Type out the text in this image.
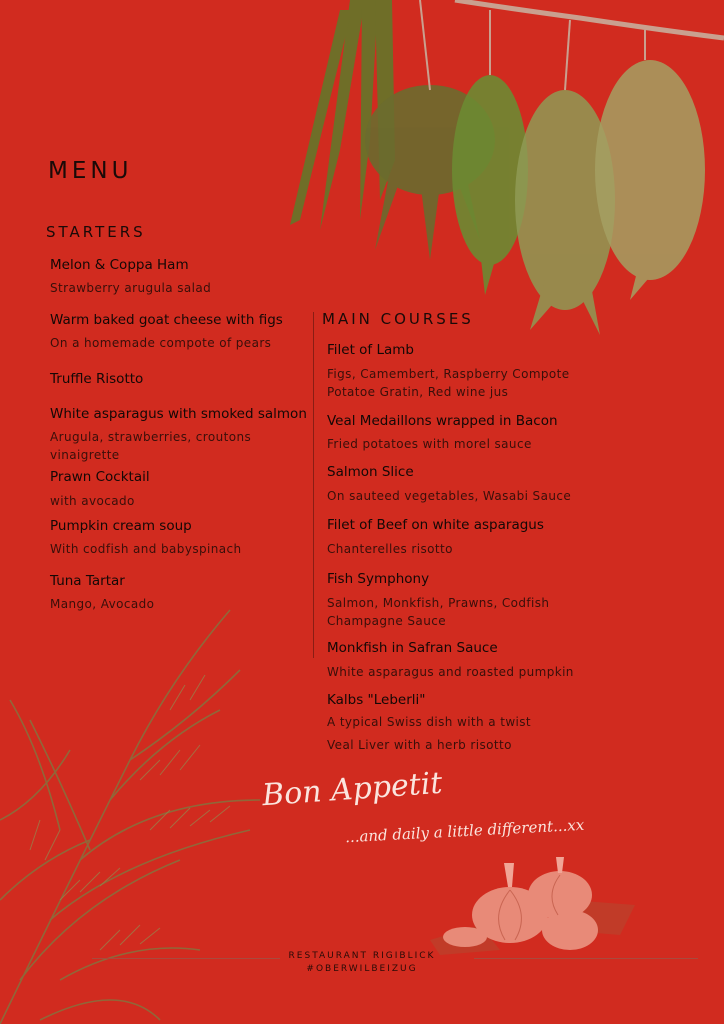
MENU
STARTERS

Melon & Coppa Ham

Strawberry arugula salad

Warm baked goat cheese with figs

On a homemade compote of pears

Truffle Risotto

White asparagus with smoked salmon

Arugula, strawberries, croutons

vinaigrette

Prawn Cocktail

with avocado

Pumpkin cream soup

With codfish and babyspinach

Tuna Tartar

Mango, Avocado

MAIN COURSES

Filet of Lamb

Figs, Camembert, Raspberry Compote

Potatoe Gratin, Red wine jus

Veal Medaillons wrapped in Bacon

Fried potatoes with morel sauce

Salmon Slice

On sauteed vegetables, Wasabi Sauce

Filet of Beef on white asparagus

Chanterelles risotto

Fish Symphony

Salmon, Monkfish, Prawns, Codfish

Champagne Sauce

Monkfish in Safran Sauce

White asparagus and roasted pumpkin

Kalbs "Leberli"

A typical Swiss dish with a twist

Veal Liver with a herb risotto

Bon Appetit
...and daily a little different...xx

RESTAURANT RIGIBLICK

#OBERWILBEIZUG
